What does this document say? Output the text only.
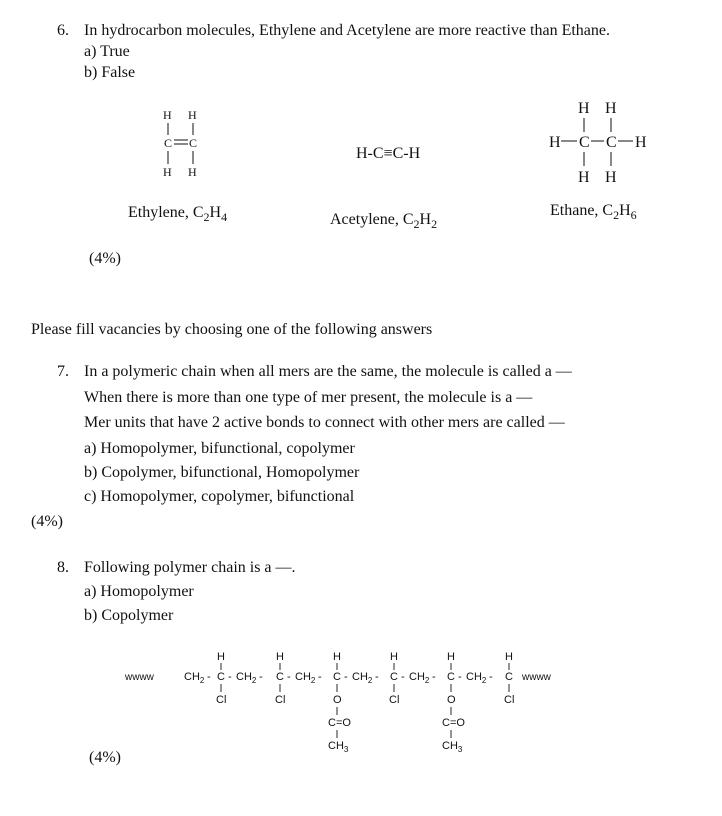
6. In hydrocarbon molecules, Ethylene and Acetylene are more reactive than Ethane.
a) True
b) False
H H
C C
H H
H-C≡C-H
H H
H C C H
H H
Ethylene, $C_2H_4$	Acetylene, $C_2H_2$
Ethane, $C_2H_6$
(4%)
Please fill vacancies by choosing one of the following answers
7. In a polymeric chain when all mers are the same, the molecule is called a —
When there is more than one type of mer present, the molecule is a —
Mer units that have 2 active bonds to connect with other mers are called —
a) Homopolymer, bifunctional, copolymer
b) Copolymer, bifunctional, Homopolymer
c) Homopolymer, copolymer, bifunctional
(4%)
8. Following polymer chain is a —.
a) Homopolymer
b) Copolymer
wwww	$CH_2$ - C - $CH_2$ - C - $CH_2$ - C - $CH_2$ - C - $CH_2$ - C - $CH_2$ - C wwww
H	H	H	H	H	H
Cl	Cl	O	Cl	O	Cl
C=O	C=O
$CH_3$	$CH_3$
(4%)
